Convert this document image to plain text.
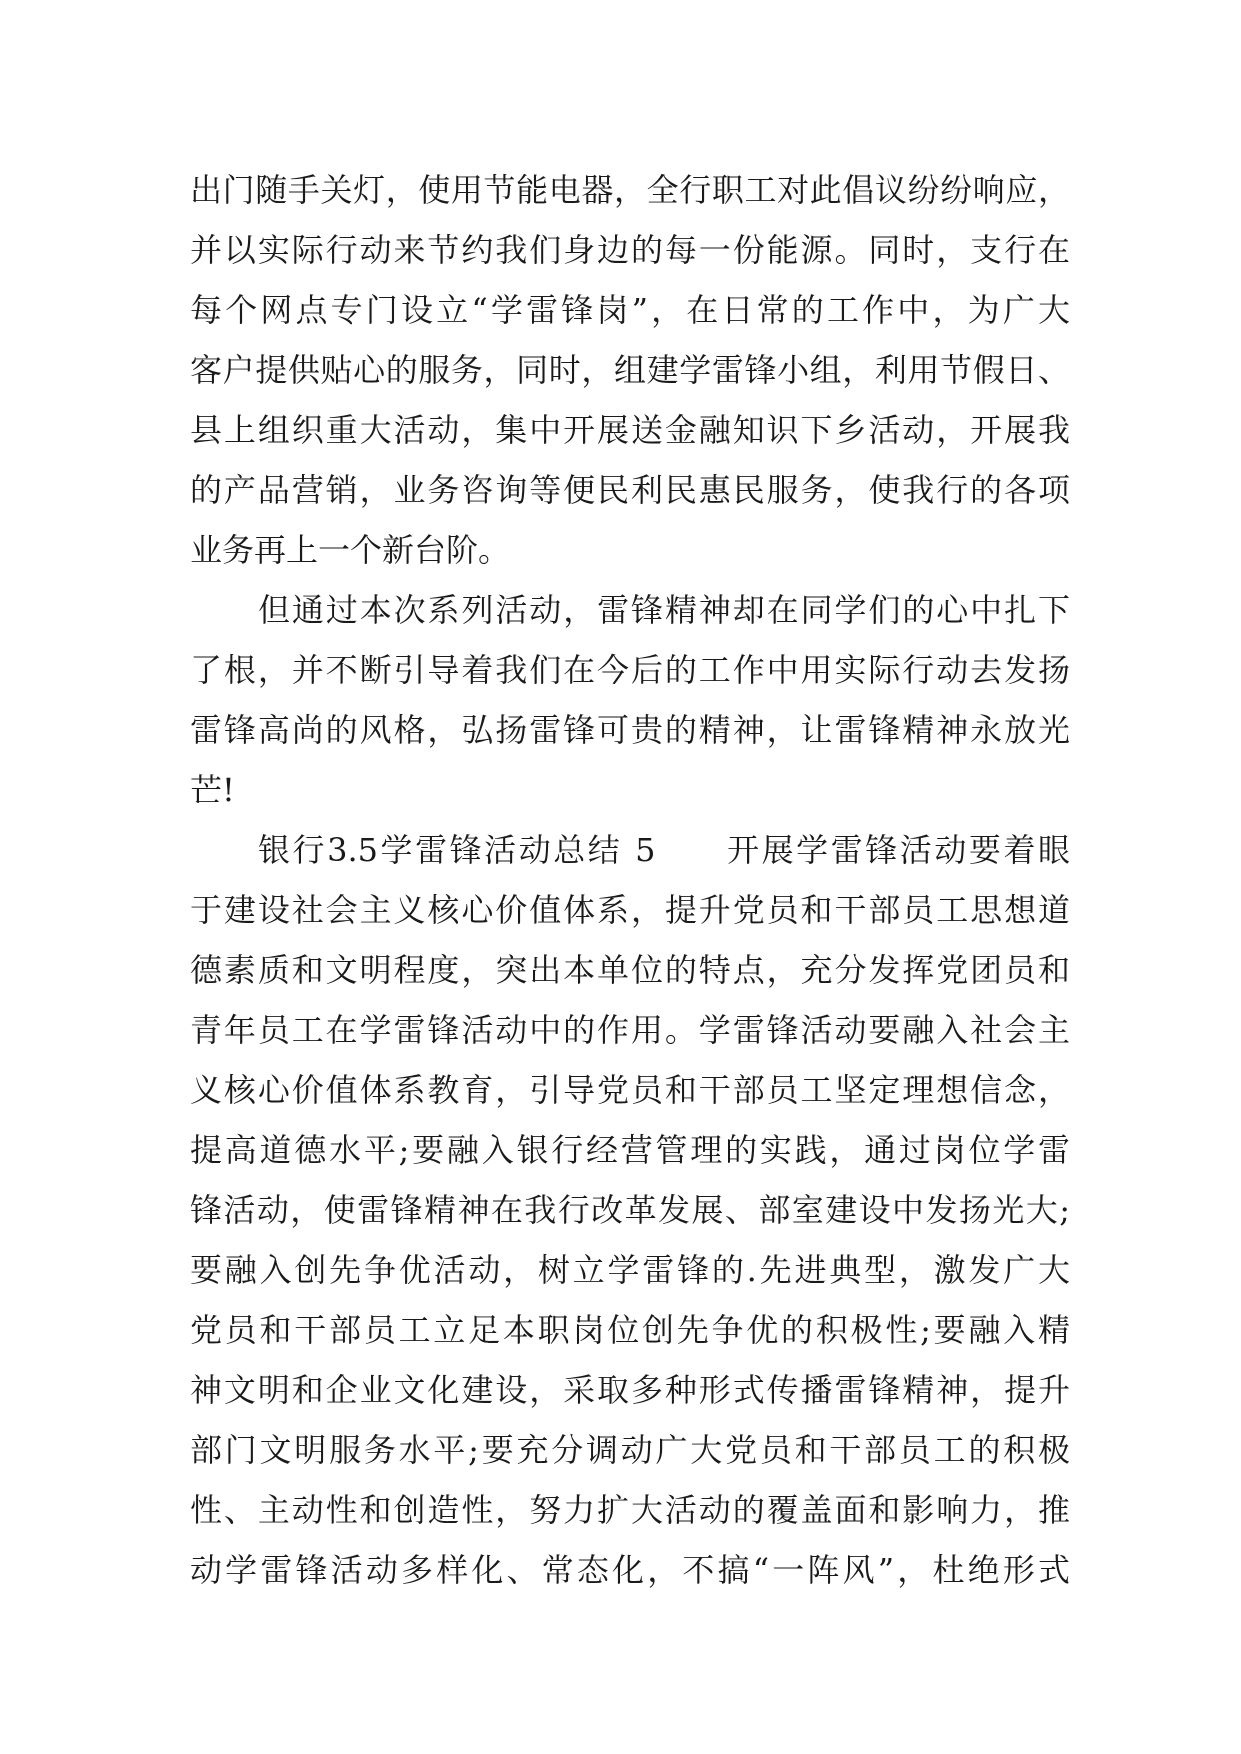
出门随手关灯，使用节能电器，全行职工对此倡议纷纷响应，
并以实际行动来节约我们身边的每一份能源。同时，支行在
每个网点专门设立“学雷锋岗”，在日常的工作中，为广大
客户提供贴心的服务，同时，组建学雷锋小组，利用节假日、
县上组织重大活动，集中开展送金融知识下乡活动，开展我
的产品营销，业务咨询等便民利民惠民服务，使我行的各项
业务再上一个新台阶。
但通过本次系列活动，雷锋精神却在同学们的心中扎下
了根，并不断引导着我们在今后的工作中用实际行动去发扬
雷锋高尚的风格，弘扬雷锋可贵的精神，让雷锋精神永放光
芒!
银行3.5学雷锋活动总结 5　　开展学雷锋活动要着眼
于建设社会主义核心价值体系，提升党员和干部员工思想道
德素质和文明程度，突出本单位的特点，充分发挥党团员和
青年员工在学雷锋活动中的作用。学雷锋活动要融入社会主
义核心价值体系教育，引导党员和干部员工坚定理想信念，
提高道德水平;要融入银行经营管理的实践，通过岗位学雷
锋活动，使雷锋精神在我行改革发展、部室建设中发扬光大;
要融入创先争优活动，树立学雷锋的.先进典型，激发广大
党员和干部员工立足本职岗位创先争优的积极性;要融入精
神文明和企业文化建设，采取多种形式传播雷锋精神，提升
部门文明服务水平;要充分调动广大党员和干部员工的积极
性、主动性和创造性，努力扩大活动的覆盖面和影响力，推
动学雷锋活动多样化、常态化，不搞“一阵风”，杜绝形式
